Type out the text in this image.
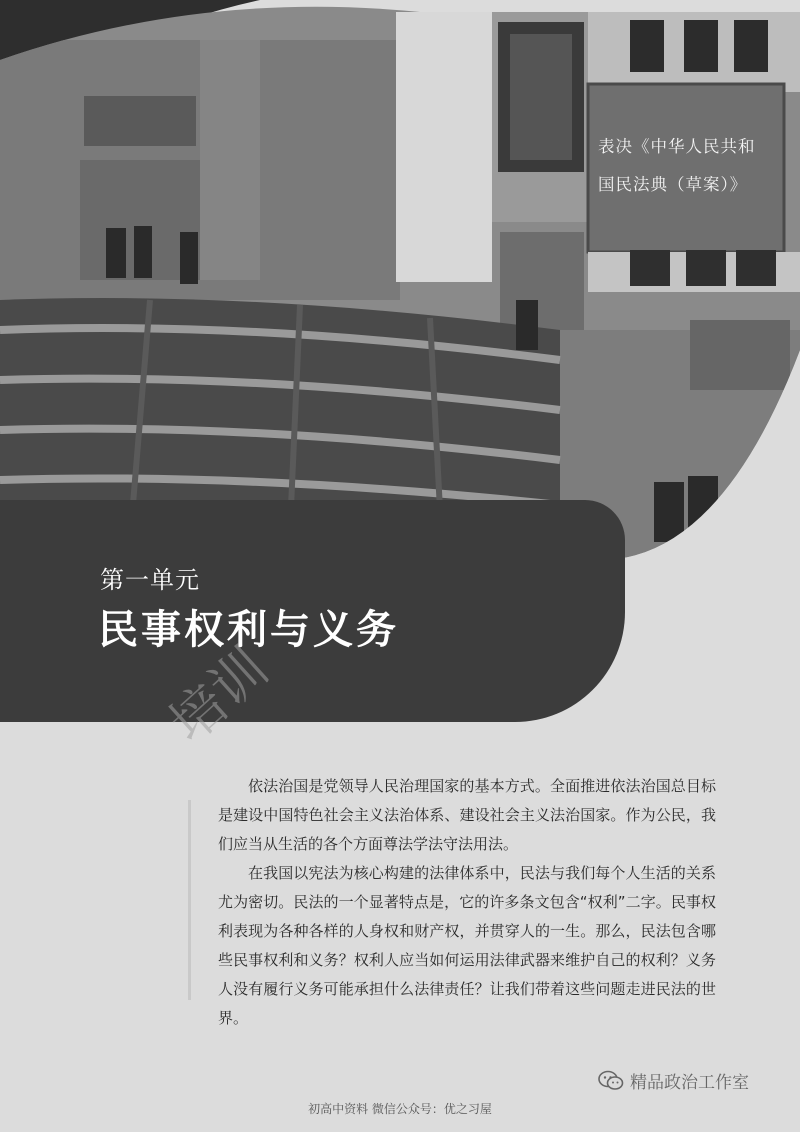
表决《中华人民共和
国民法典（草案）》
第一单元
民事权利与义务
培训

依法治国是党领导人民治理国家的基本方式。全面推进依法治国总目标是建设中国特色社会主义法治体系、建设社会主义法治国家。作为公民，我们应当从生活的各个方面尊法学法守法用法。

在我国以宪法为核心构建的法律体系中，民法与我们每个人生活的关系尤为密切。民法的一个显著特点是，它的许多条文包含“权利”二字。民事权利表现为各种各样的人身权和财产权，并贯穿人的一生。那么，民法包含哪些民事权利和义务？权利人应当如何运用法律武器来维护自己的权利？义务人没有履行义务可能承担什么法律责任？让我们带着这些问题走进民法的世界。

精品政治工作室
初高中资料 微信公众号：优之习屋
